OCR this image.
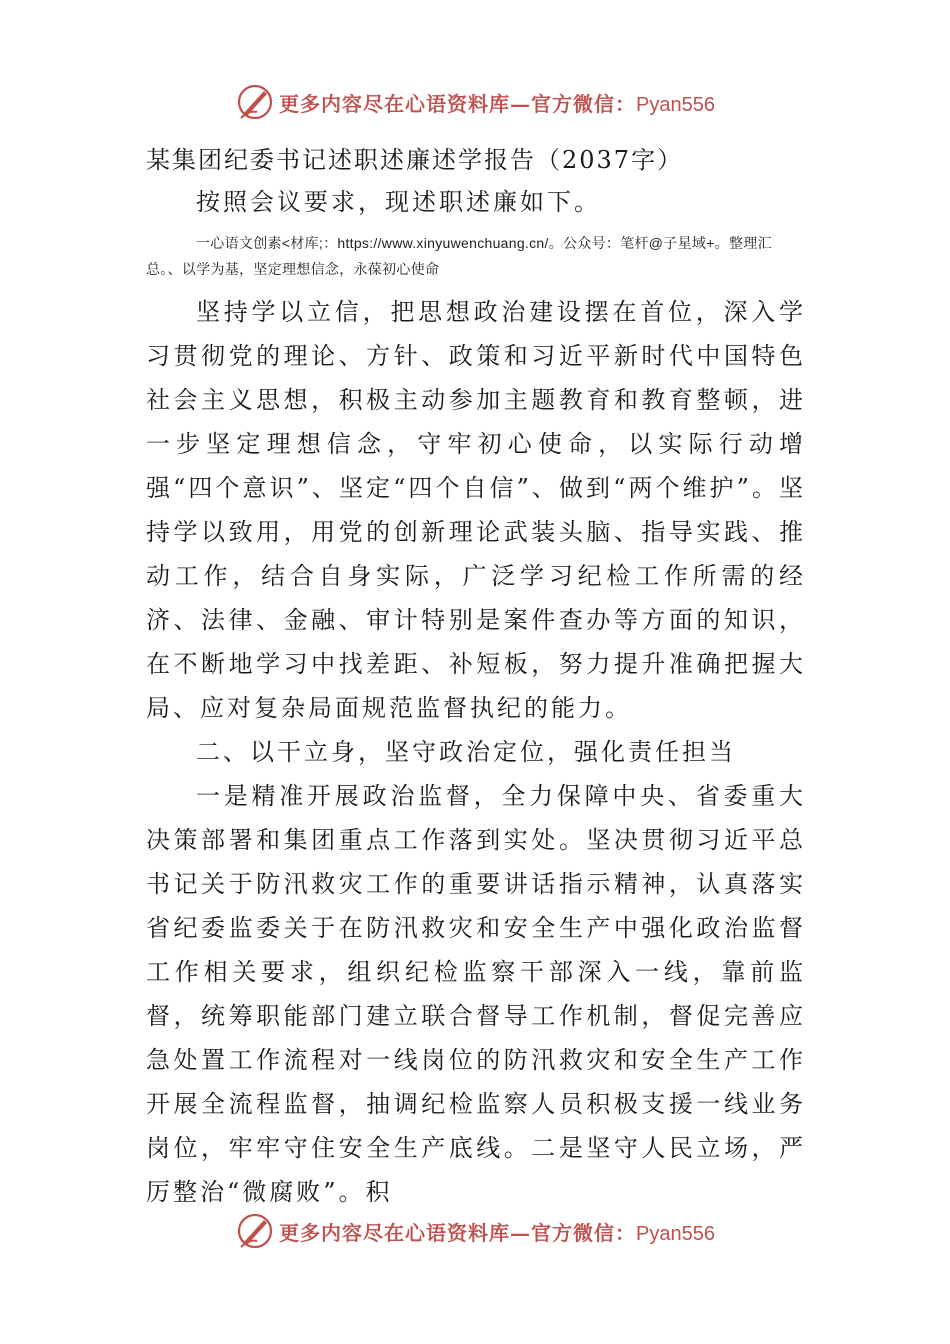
更多内容尽在心语资料库—官方微信：Pyan556

某集团纪委书记述职述廉述学报告（2037字）

按照会议要求，现述职述廉如下。

一心语文创素<材库;：https://www.xinyuwenchuang.cn/。公众号：笔杆@子星域+。整理汇总。、以学为基，坚定理想信念，永葆初心使命

坚持学以立信，把思想政治建设摆在首位，深入学习贯彻党的理论、方针、政策和习近平新时代中国特色社会主义思想，积极主动参加主题教育和教育整顿，进一步坚定理想信念，守牢初心使命，以实际行动增强“四个意识”、坚定“四个自信”、做到“两个维护”。坚持学以致用，用党的创新理论武装头脑、指导实践、推动工作，结合自身实际，广泛学习纪检工作所需的经济、法律、金融、审计特别是案件查办等方面的知识，在不断地学习中找差距、补短板，努力提升准确把握大局、应对复杂局面规范监督执纪的能力。

二、以干立身，坚守政治定位，强化责任担当

一是精准开展政治监督，全力保障中央、省委重大决策部署和集团重点工作落到实处。坚决贯彻习近平总书记关于防汛救灾工作的重要讲话指示精神，认真落实省纪委监委关于在防汛救灾和安全生产中强化政治监督工作相关要求，组织纪检监察干部深入一线，靠前监督，统筹职能部门建立联合督导工作机制，督促完善应急处置工作流程对一线岗位的防汛救灾和安全生产工作开展全流程监督，抽调纪检监察人员积极支援一线业务岗位，牢牢守住安全生产底线。二是坚守人民立场，严厉整治“微腐败”。积

更多内容尽在心语资料库—官方微信：Pyan556
